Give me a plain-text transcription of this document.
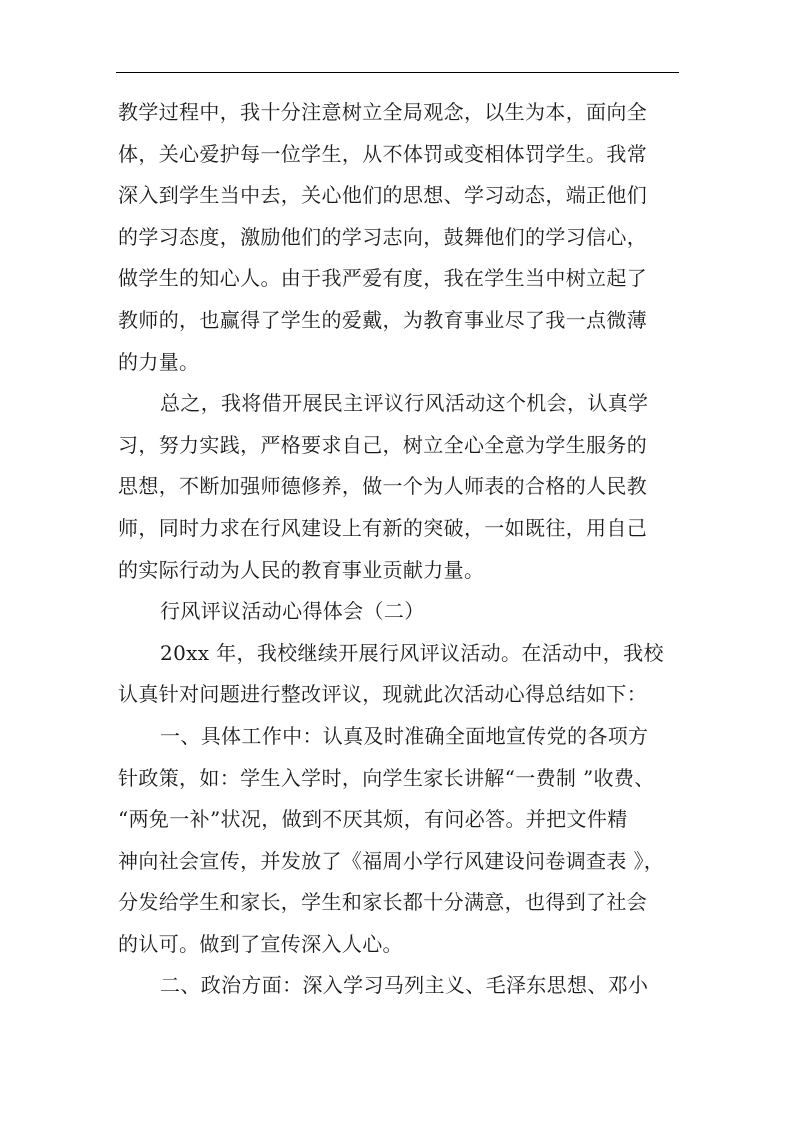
教学过程中，我十分注意树立全局观念，以生为本，面向全
体，关心爱护每一位学生，从不体罚或变相体罚学生。我常
深入到学生当中去，关心他们的思想、学习动态，端正他们
的学习态度，激励他们的学习志向，鼓舞他们的学习信心，
做学生的知心人。由于我严爱有度，我在学生当中树立起了
教师的，也赢得了学生的爱戴，为教育事业尽了我一点微薄
的力量。
总之，我将借开展民主评议行风活动这个机会，认真学
习，努力实践，严格要求自己，树立全心全意为学生服务的
思想，不断加强师德修养，做一个为人师表的合格的人民教
师，同时力求在行风建设上有新的突破，一如既往，用自己
的实际行动为人民的教育事业贡献力量。
行风评议活动心得体会（二）
20xx 年，我校继续开展行风评议活动。在活动中，我校
认真针对问题进行整改评议，现就此次活动心得总结如下：
一、具体工作中：认真及时准确全面地宣传党的各项方
针政策，如：学生入学时，向学生家长讲解“一费制 ”收费、
“两免一补”状况，做到不厌其烦，有问必答。并把文件精
神向社会宣传，并发放了《福周小学行风建设问卷调查表 》，
分发给学生和家长，学生和家长都十分满意，也得到了社会
的认可。做到了宣传深入人心。
二、政治方面：深入学习马列主义、毛泽东思想、邓小
